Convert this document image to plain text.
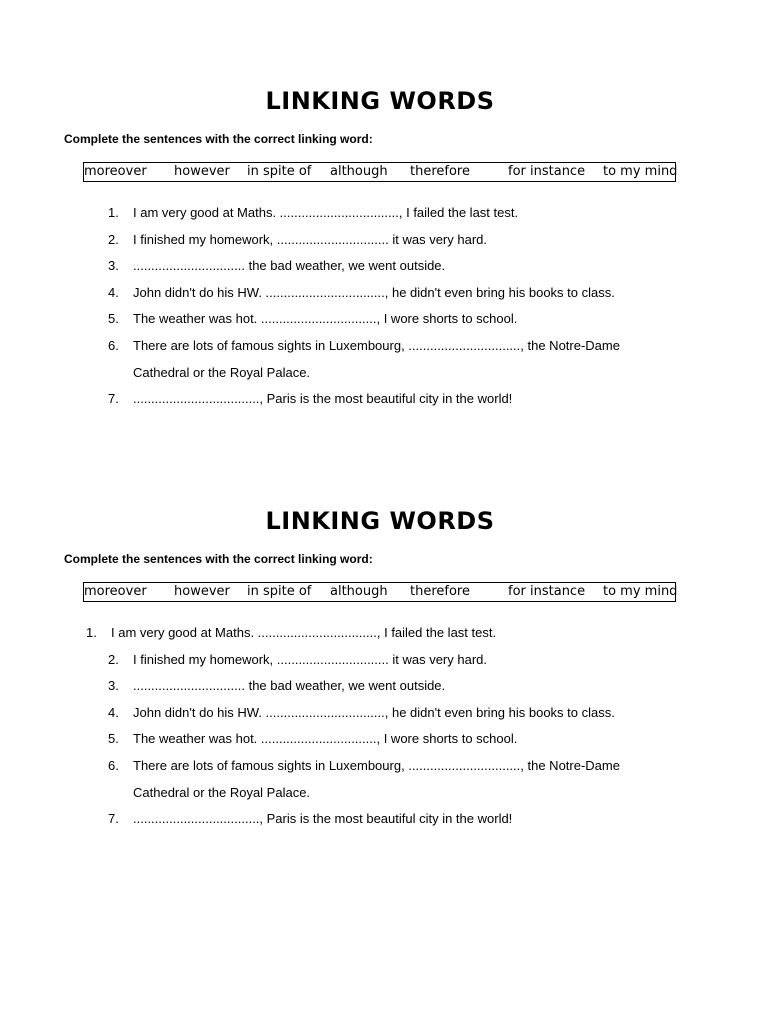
LINKING WORDS
Complete the sentences with the correct linking word:
moreover however in spite of although therefore	for instance to my mind
1.	I am very good at Maths. ................................., I failed the last test.
2.	I finished my homework, ............................... it was very hard.
3.	............................... the bad weather, we went outside.
4.	John didn't do his HW. ................................., he didn't even bring his books to class.
5.	The weather was hot. ................................, I wore shorts to school.
6.	There are lots of famous sights in Luxembourg, ..............................., the Notre-Dame Cathedral or the Royal Palace.
7.	..................................., Paris is the most beautiful city in the world!
LINKING WORDS
Complete the sentences with the correct linking word:
moreover however in spite of although therefore	for instance to my mind
1.	I am very good at Maths. ................................., I failed the last test.
2.	I finished my homework, ............................... it was very hard.
3.	............................... the bad weather, we went outside.
4.	John didn't do his HW. ................................., he didn't even bring his books to class.
5.	The weather was hot. ................................, I wore shorts to school.
6.	There are lots of famous sights in Luxembourg, ..............................., the Notre-Dame Cathedral or the Royal Palace.
7.	..................................., Paris is the most beautiful city in the world!
